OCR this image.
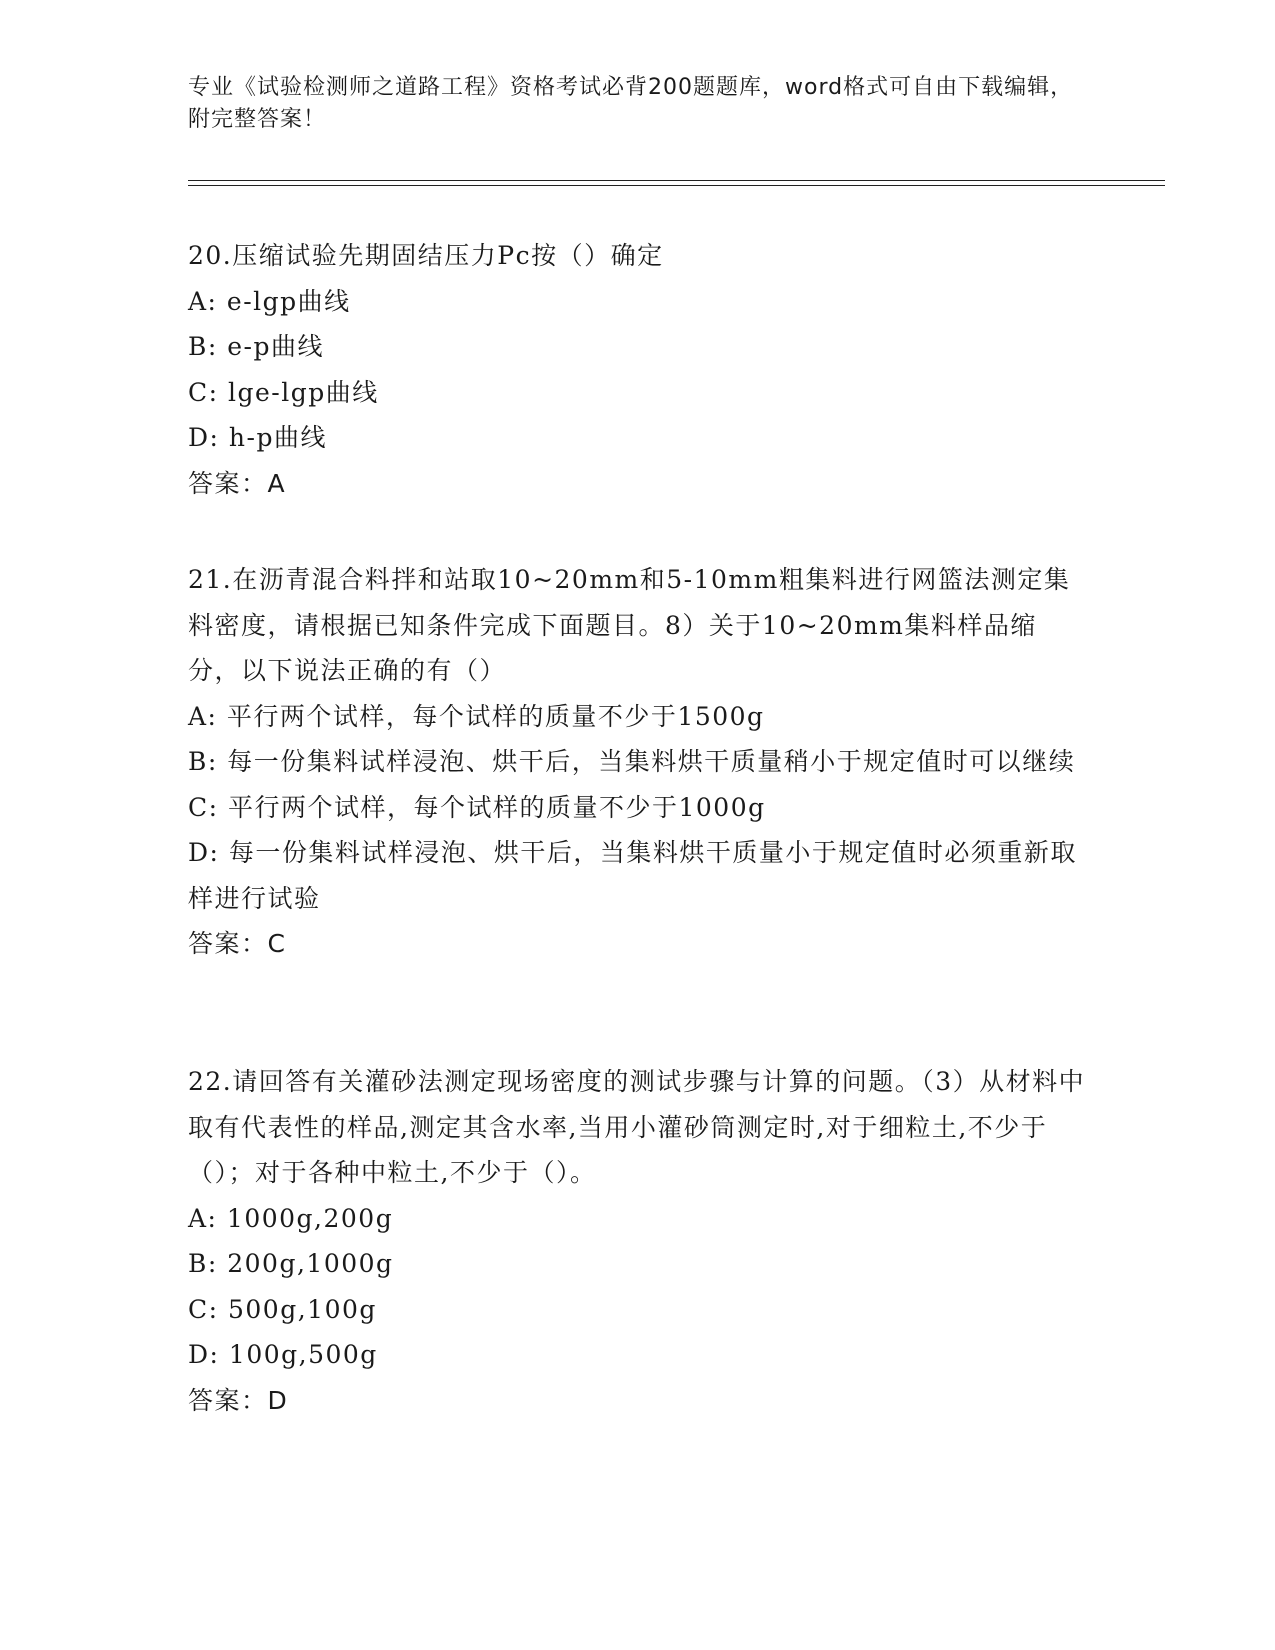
专业《试验检测师之道路工程》资格考试必背200题题库，word格式可自由下载编辑，附完整答案！

20.压缩试验先期固结压力Pc按（）确定

A: e-lgp曲线

B: e-p曲线

C: lge-lgp曲线

D: h-p曲线

答案：A

21.在沥青混合料拌和站取10~20mm和5-10mm粗集料进行网篮法测定集料密度，请根据已知条件完成下面题目。8）关于10~20mm集料样品缩分，以下说法正确的有（）

A: 平行两个试样，每个试样的质量不少于1500g

B: 每一份集料试样浸泡、烘干后，当集料烘干质量稍小于规定值时可以继续

C: 平行两个试样，每个试样的质量不少于1000g

D: 每一份集料试样浸泡、烘干后，当集料烘干质量小于规定值时必须重新取样进行试验

答案：C

22.请回答有关灌砂法测定现场密度的测试步骤与计算的问题。（3）从材料中取有代表性的样品,测定其含水率,当用小灌砂筒测定时,对于细粒土,不少于（）；对于各种中粒土,不少于（）。

A: 1000g,200g

B: 200g,1000g

C: 500g,100g

D: 100g,500g

答案：D
